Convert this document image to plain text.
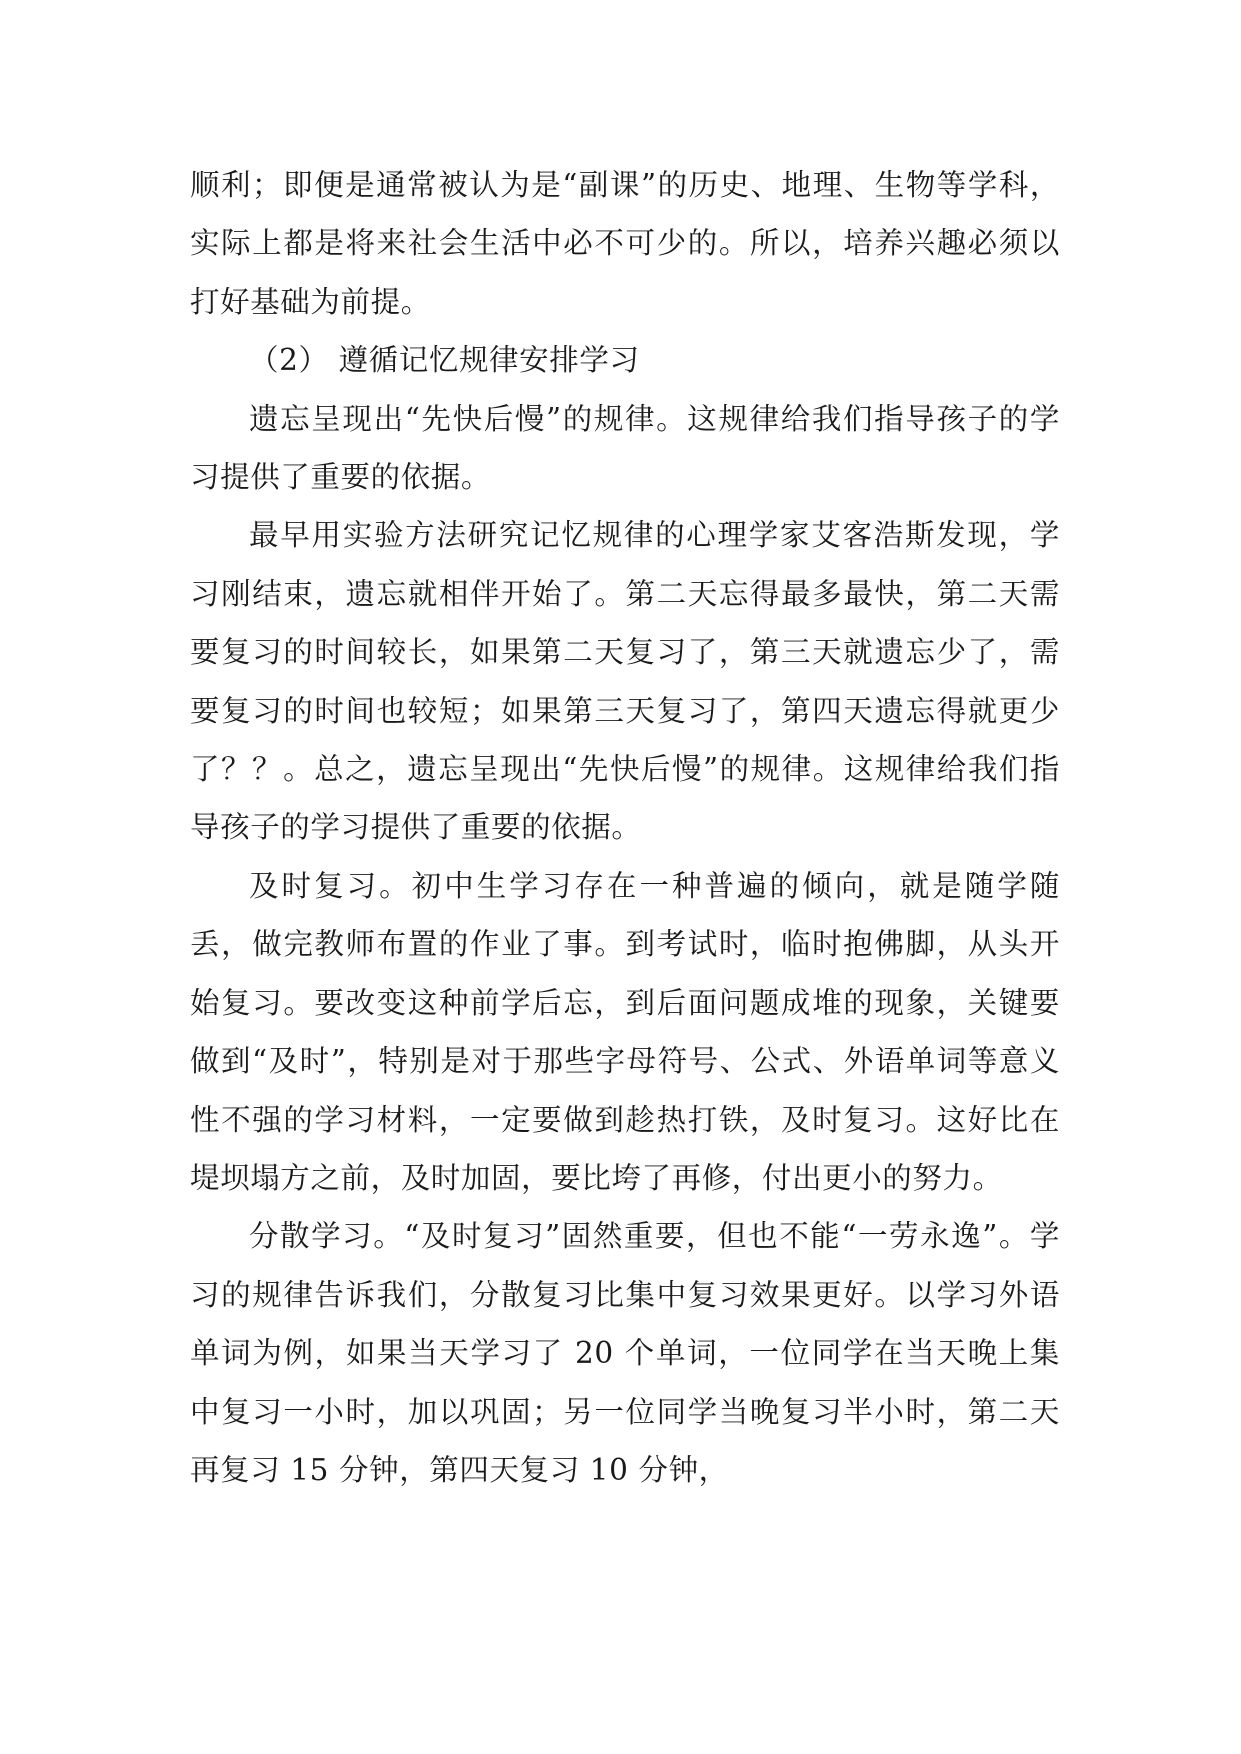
顺利；即便是通常被认为是“副课”的历史、地理、生物等学科，实际上都是将来社会生活中必不可少的。所以，培养兴趣必须以打好基础为前提。

（2） 遵循记忆规律安排学习

遗忘呈现出“先快后慢”的规律。这规律给我们指导孩子的学习提供了重要的依据。

最早用实验方法研究记忆规律的心理学家艾客浩斯发现，学习刚结束，遗忘就相伴开始了。第二天忘得最多最快，第二天需要复习的时间较长，如果第二天复习了，第三天就遗忘少了，需要复习的时间也较短；如果第三天复习了，第四天遗忘得就更少了？？。总之，遗忘呈现出“先快后慢”的规律。这规律给我们指导孩子的学习提供了重要的依据。

及时复习。初中生学习存在一种普遍的倾向，就是随学随丢，做完教师布置的作业了事。到考试时，临时抱佛脚，从头开始复习。要改变这种前学后忘，到后面问题成堆的现象，关键要做到“及时”，特别是对于那些字母符号、公式、外语单词等意义性不强的学习材料，一定要做到趁热打铁，及时复习。这好比在堤坝塌方之前，及时加固，要比垮了再修，付出更小的努力。

分散学习。“及时复习”固然重要，但也不能“一劳永逸”。学习的规律告诉我们，分散复习比集中复习效果更好。以学习外语单词为例，如果当天学习了 20 个单词，一位同学在当天晚上集中复习一小时，加以巩固；另一位同学当晚复习半小时，第二天再复习 15 分钟，第四天复习 10 分钟，
